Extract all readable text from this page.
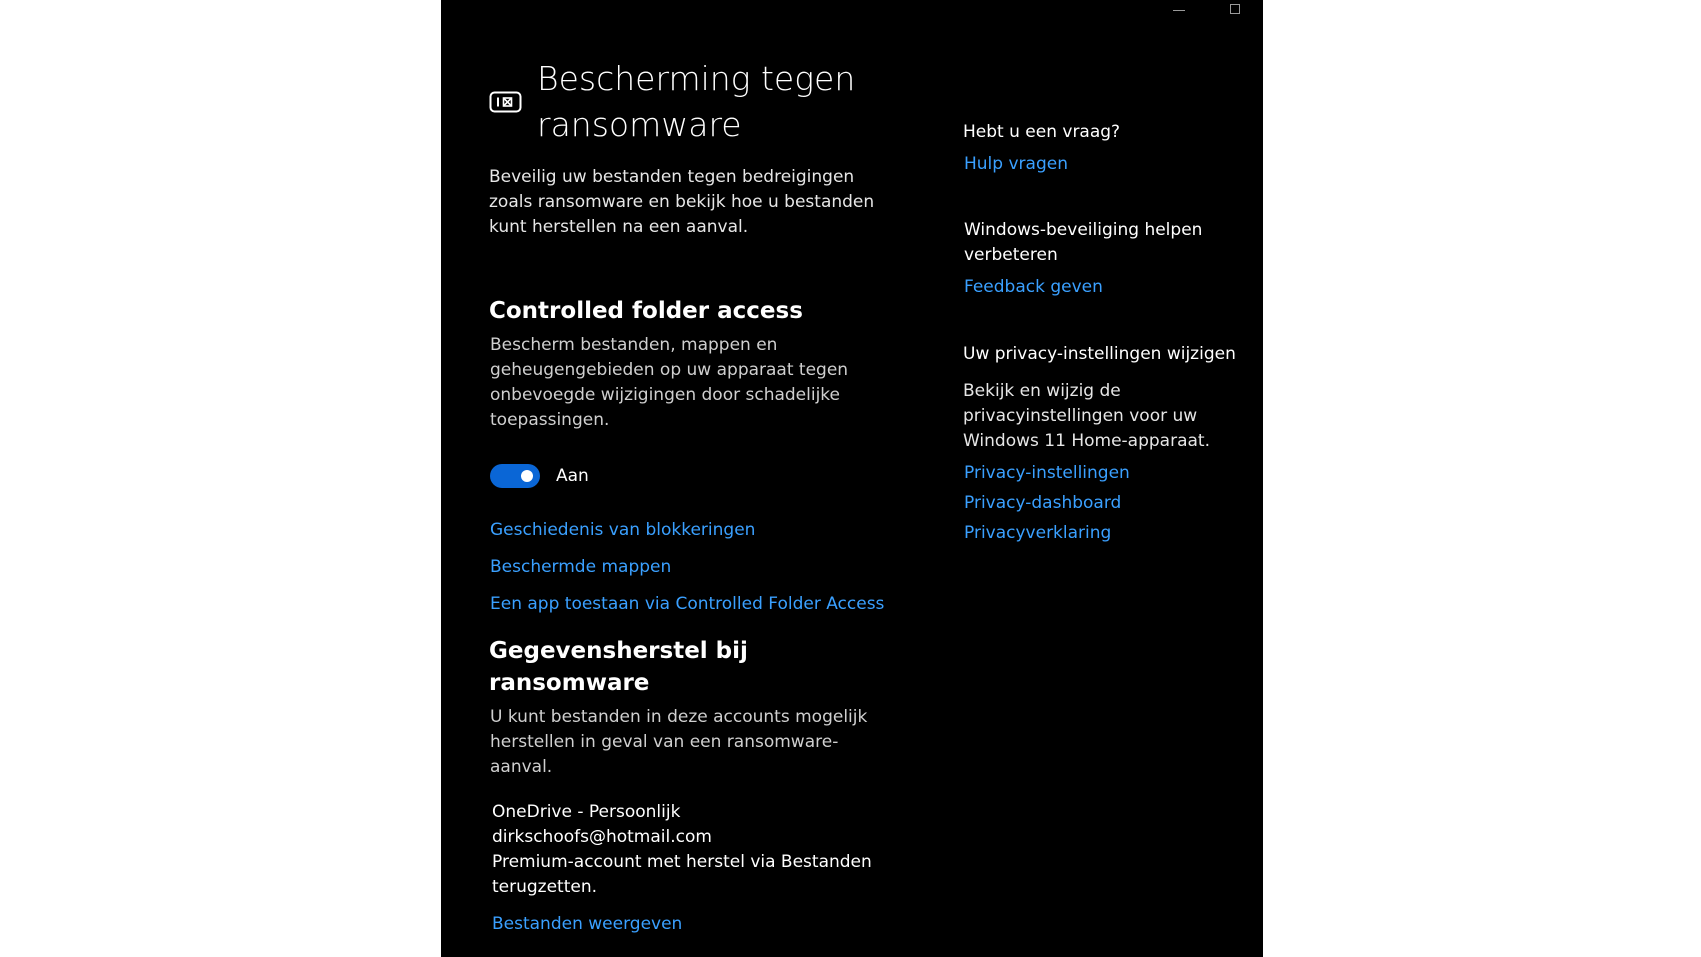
Bescherming tegen ransomware
Beveilig uw bestanden tegen bedreigingen zoals ransomware en bekijk hoe u bestanden kunt herstellen na een aanval.
Controlled folder access
Bescherm bestanden, mappen en geheugengebieden op uw apparaat tegen onbevoegde wijzigingen door schadelijke toepassingen.
Aan
Geschiedenis van blokkeringen
Beschermde mappen
Een app toestaan via Controlled Folder Access
Gegevensherstel bij ransomware
U kunt bestanden in deze accounts mogelijk herstellen in geval van een ransomware-aanval.
OneDrive - Persoonlijk
dirkschoofs@hotmail.com
Premium-account met herstel via Bestanden terugzetten.
Bestanden weergeven
Hebt u een vraag?
Hulp vragen
Windows-beveiliging helpen verbeteren
Feedback geven
Uw privacy-instellingen wijzigen
Bekijk en wijzig de privacyinstellingen voor uw Windows 11 Home-apparaat.
Privacy-instellingen
Privacy-dashboard
Privacyverklaring
